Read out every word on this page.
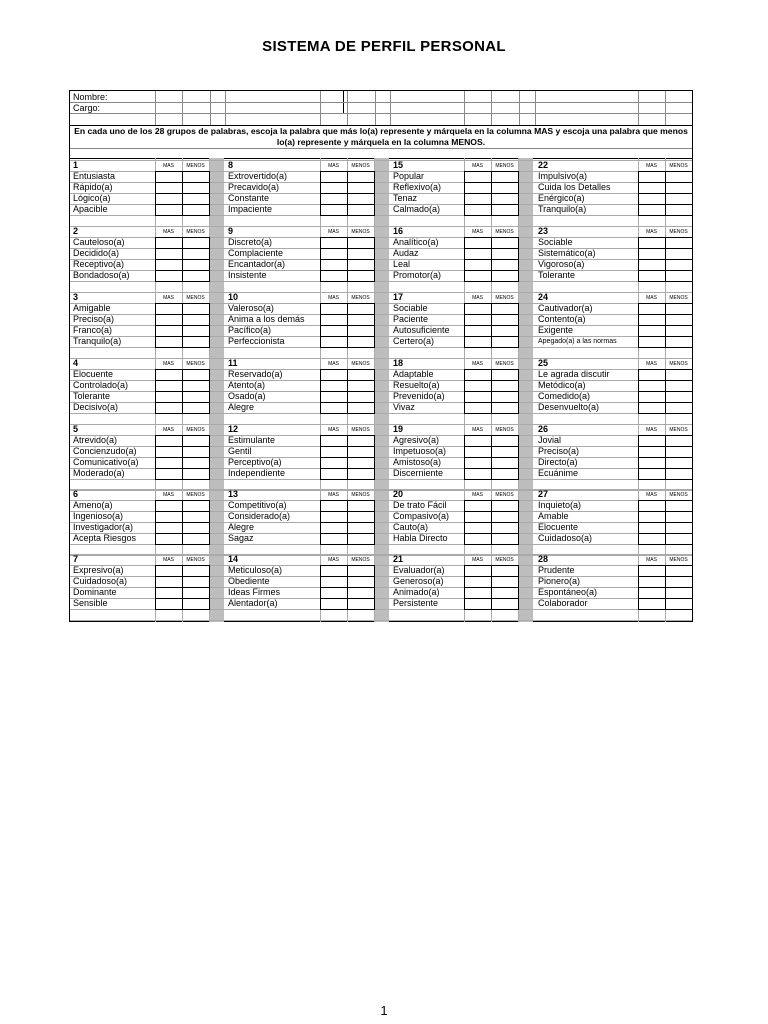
SISTEMA DE PERFIL PERSONAL
Nombre:
Cargo:
En cada uno de los 28 grupos de palabras, escoja la palabra que más lo(a) represente y márquela en la columna MAS y escoja una palabra que menos lo(a) represente y márquela en la columna MENOS.
1	MAS	MENOS
Entusiasta
Rápido(a)
Lógico(a)
Apacible
8	MAS	MENOS
Extrovertido(a)
Precavido(a)
Constante
Impaciente
15	MAS	MENOS
Popular
Reflexivo(a)
Tenaz
Calmado(a)
22	MAS	MENOS
Impulsivo(a)
Cuida los Detalles
Enérgico(a)
Tranquilo(a)
2	MAS	MENOS
Cauteloso(a)
Decidido(a)
Receptivo(a)
Bondadoso(a)
9	MAS	MENOS
Discreto(a)
Complaciente
Encantador(a)
Insistente
16	MAS	MENOS
Analítico(a)
Audaz
Leal
Promotor(a)
23	MAS	MENOS
Sociable
Sistemático(a)
Vigoroso(a)
Tolerante
3	MAS	MENOS
Amigable
Preciso(a)
Franco(a)
Tranquilo(a)
10	MAS	MENOS
Valeroso(a)
Anima a los demás
Pacífico(a)
Perfeccionista
17	MAS	MENOS
Sociable
Paciente
Autosuficiente
Certero(a)
24	MAS	MENOS
Cautivador(a)
Contento(a)
Exigente
Apegado(a) a las normas
4	MAS	MENOS
Elocuente
Controlado(a)
Tolerante
Decisivo(a)
11	MAS	MENOS
Reservado(a)
Atento(a)
Osado(a)
Alegre
18	MAS	MENOS
Adaptable
Resuelto(a)
Prevenido(a)
Vivaz
25	MAS	MENOS
Le agrada discutir
Metódico(a)
Comedido(a)
Desenvuelto(a)
5	MAS	MENOS
Atrevido(a)
Concienzudo(a)
Comunicativo(a)
Moderado(a)
12	MAS	MENOS
Estimulante
Gentil
Perceptivo(a)
Independiente
19	MAS	MENOS
Agresivo(a)
Impetuoso(a)
Amistoso(a)
Discerniente
26	MAS	MENOS
Jovial
Preciso(a)
Directo(a)
Ecuánime
6	MAS	MENOS
Ameno(a)
Ingenioso(a)
Investigador(a)
Acepta Riesgos
13	MAS	MENOS
Competitivo(a)
Considerado(a)
Alegre
Sagaz
20	MAS	MENOS
De trato Fácil
Compasivo(a)
Cauto(a)
Habla Directo
27	MAS	MENOS
Inquieto(a)
Amable
Elocuente
Cuidadoso(a)
7	MAS	MENOS
Expresivo(a)
Cuidadoso(a)
Dominante
Sensible
14	MAS	MENOS
Meticuloso(a)
Obediente
Ideas Firmes
Alentador(a)
21	MAS	MENOS
Evaluador(a)
Generoso(a)
Animado(a)
Persistente
28	MAS	MENOS
Prudente
Pionero(a)
Espontáneo(a)
Colaborador
1
